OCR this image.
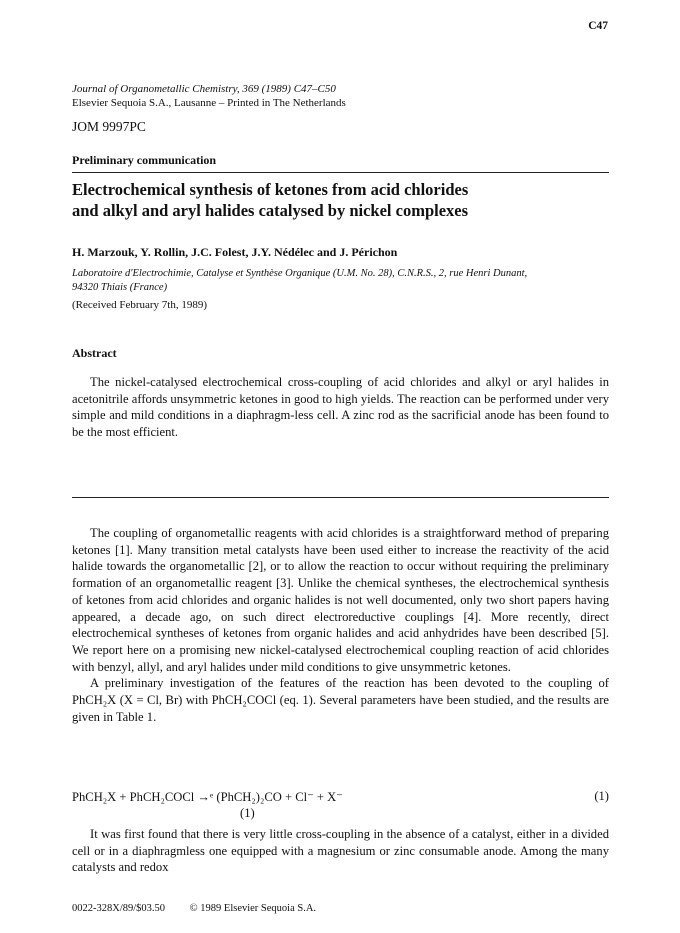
C47
Journal of Organometallic Chemistry, 369 (1989) C47–C50
Elsevier Sequoia S.A., Lausanne – Printed in The Netherlands
JOM 9997PC
Preliminary communication
Electrochemical synthesis of ketones from acid chlorides
and alkyl and aryl halides catalysed by nickel complexes
H. Marzouk, Y. Rollin, J.C. Folest, J.Y. Nédélec and J. Périchon
Laboratoire d'Electrochimie, Catalyse et Synthèse Organique (U.M. No. 28), C.N.R.S., 2, rue Henri Dunant,
94320 Thiais (France)
(Received February 7th, 1989)
Abstract
The nickel-catalysed electrochemical cross-coupling of acid chlorides and alkyl or aryl halides in acetonitrile affords unsymmetric ketones in good to high yields. The reaction can be performed under very simple and mild conditions in a diaphragm-less cell. A zinc rod as the sacrificial anode has been found to be the most efficient.

The coupling of organometallic reagents with acid chlorides is a straightforward method of preparing ketones [1]. Many transition metal catalysts have been used either to increase the reactivity of the acid halide towards the organometallic [2], or to allow the reaction to occur without requiring the preliminary formation of an organometallic reagent [3]. Unlike the chemical syntheses, the electrochemical synthesis of ketones from acid chlorides and organic halides is not well documented, only two short papers having appeared, a decade ago, on such direct electroreductive couplings [4]. More recently, direct electrochemical syntheses of ketones from organic halides and acid anhydrides have been described [5]. We report here on a promising new nickel-catalysed electrochemical coupling reaction of acid chlorides with benzyl, allyl, and aryl halides under mild conditions to give unsymmetric ketones.

A preliminary investigation of the features of the reaction has been devoted to the coupling of PhCH₂X (X = Cl, Br) with PhCH₂COCl (eq. 1). Several parameters have been studied, and the results are given in Table 1.

PhCH₂X + PhCH₂COCl →ᵉ (PhCH₂)₂CO + Cl⁻ + X⁻	(1)
(1)

It was first found that there is very little cross-coupling in the absence of a catalyst, either in a divided cell or in a diaphragmless one equipped with a magnesium or zinc consumable anode. Among the many catalysts and redox

0022-328X/89/$03.50 © 1989 Elsevier Sequoia S.A.
